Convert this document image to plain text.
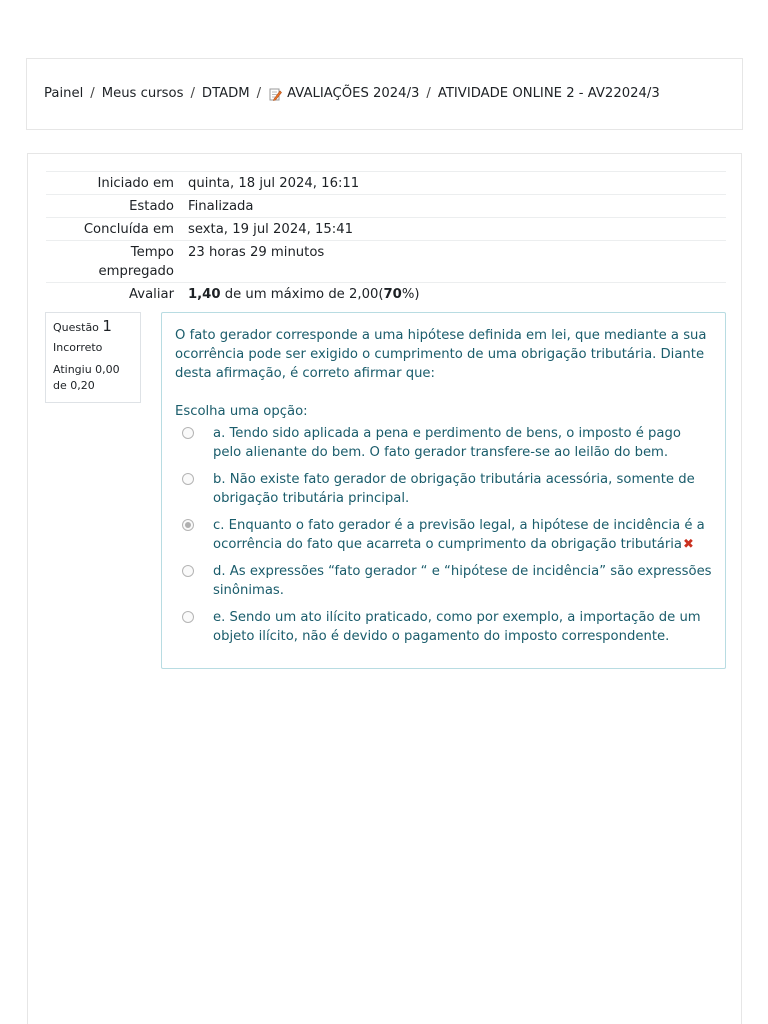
Painel / Meus cursos / DTADM / AVALIAÇÕES 2024/3 / ATIVIDADE ONLINE 2 - AV22024/3
Iniciado em	quinta, 18 jul 2024, 16:11
Estado	Finalizada
Concluída em	sexta, 19 jul 2024, 15:41
Tempo
empregado	23 horas 29 minutos
Avaliar	1,40 de um máximo de 2,00(70%)
Questão 1
Incorreto
Atingiu 0,00 de 0,20
O fato gerador corresponde a uma hipótese definida em lei, que mediante a sua ocorrência pode ser exigido o cumprimento de uma obrigação tributária. Diante desta afirmação, é correto afirmar que:
Escolha uma opção:
a. Tendo sido aplicada a pena e perdimento de bens, o imposto é pago pelo alienante do bem. O fato gerador transfere-se ao leilão do bem.
b. Não existe fato gerador de obrigação tributária acessória, somente de obrigação tributária principal.
c. Enquanto o fato gerador é a previsão legal, a hipótese de incidência é a ocorrência do fato que acarreta o cumprimento da obrigação tributária✖
d. As expressões “fato gerador “ e “hipótese de incidência” são expressões sinônimas.
e. Sendo um ato ilícito praticado, como por exemplo, a importação de um objeto ilícito, não é devido o pagamento do imposto correspondente.
